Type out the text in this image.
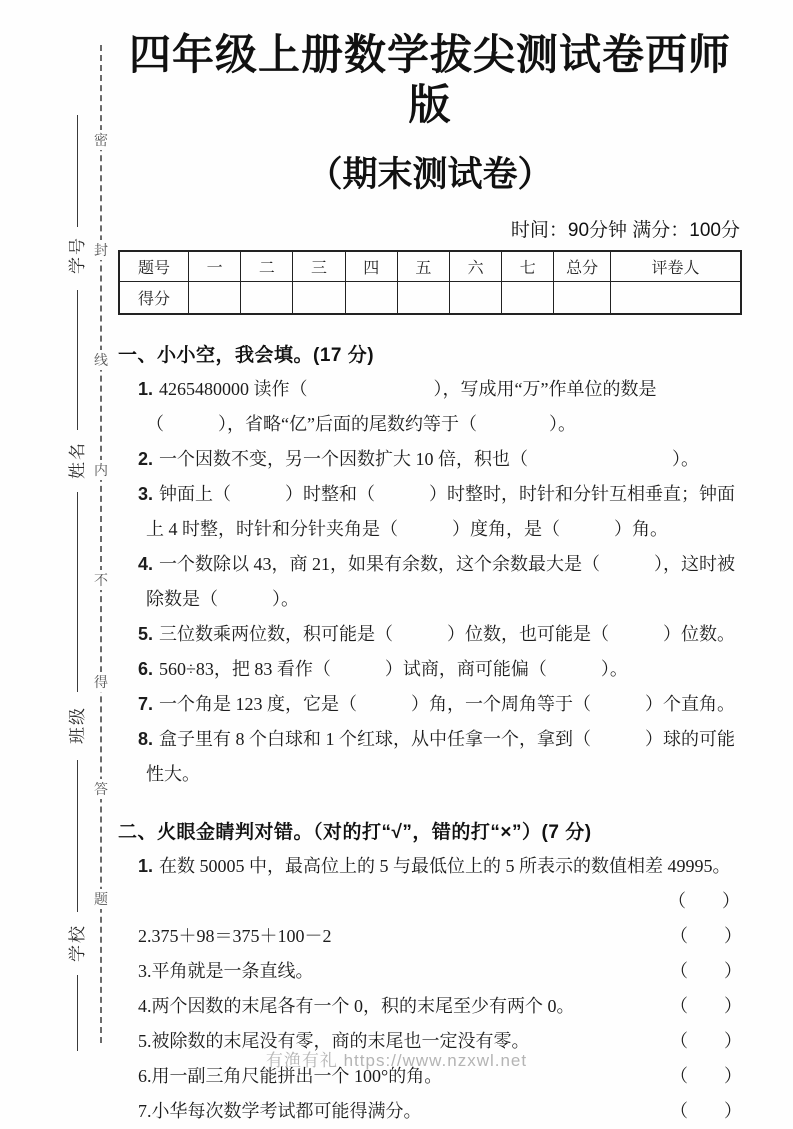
密
封
线
内
不
得
答
题
学号
姓名
班级
学校
四年级上册数学拔尖测试卷西师版
（期末测试卷）
时间：90分钟 满分：100分
题号	一	二	三	四	五	六	七	总分	评卷人
得分									
一、小小空，我会填。(17 分)
1. 4265480000 读作（　　　　　　　），写成用“万”作单位的数是（　　　），省略“亿”后面的尾数约等于（　　　　）。
2. 一个因数不变，另一个因数扩大 10 倍，积也（　　　　　　　　）。
3. 钟面上（　　　）时整和（　　　）时整时，时针和分针互相垂直；钟面上 4 时整，时针和分针夹角是（　　　）度角，是（　　　）角。
4. 一个数除以 43，商 21，如果有余数，这个余数最大是（　　　），这时被除数是（　　　）。
5. 三位数乘两位数，积可能是（　　　）位数，也可能是（　　　）位数。
6. 560÷83，把 83 看作（　　　）试商，商可能偏（　　　）。
7. 一个角是 123 度，它是（　　　）角，一个周角等于（　　　）个直角。
8. 盒子里有 8 个白球和 1 个红球，从中任拿一个，拿到（　　　）球的可能性大。
二、火眼金睛判对错。（对的打“√”，错的打“×”）(7 分)
1. 在数 50005 中，最高位上的 5 与最低位上的 5 所表示的数值相差 49995。
（　　）
2.375＋98＝375＋100－2	（　　）
3.平角就是一条直线。	（　　）
4.两个因数的末尾各有一个 0，积的末尾至少有两个 0。	（　　）
5.被除数的末尾没有零，商的末尾也一定没有零。	（　　）
6.用一副三角尺能拼出一个 100°的角。	（　　）
7.小华每次数学考试都可能得满分。	（　　）
有渔有礼 https://www.nzxwl.net
